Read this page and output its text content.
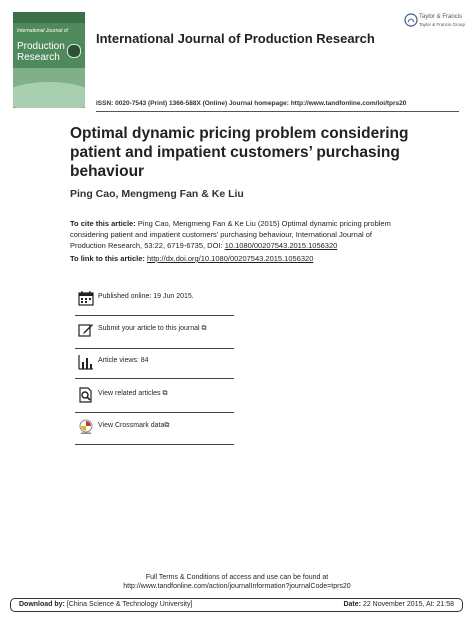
International Journal of
Production Research
International Journal of Production Research
Taylor & Francis
Taylor & Francis Group
ISSN: 0020-7543 (Print) 1366-588X (Online) Journal homepage: http://www.tandfonline.com/loi/tprs20
Optimal dynamic pricing problem considering patient and impatient customers’ purchasing behaviour
Ping Cao, Mengmeng Fan & Ke Liu
To cite this article: Ping Cao, Mengmeng Fan & Ke Liu (2015) Optimal dynamic pricing problem considering patient and impatient customers’ purchasing behaviour, International Journal of Production Research, 53:22, 6719-6735, DOI: 10.1080/00207543.2015.1056320
To link to this article: http://dx.doi.org/10.1080/00207543.2015.1056320
Published online: 19 Jun 2015.
Submit your article to this journal ⧉
Article views: 84
View related articles ⧉
View Crossmark data⧉
Full Terms & Conditions of access and use can be found at
http://www.tandfonline.com/action/journalInformation?journalCode=tprs20
Download by: [China Science & Technology University]	Date: 22 November 2015, At: 21:58
